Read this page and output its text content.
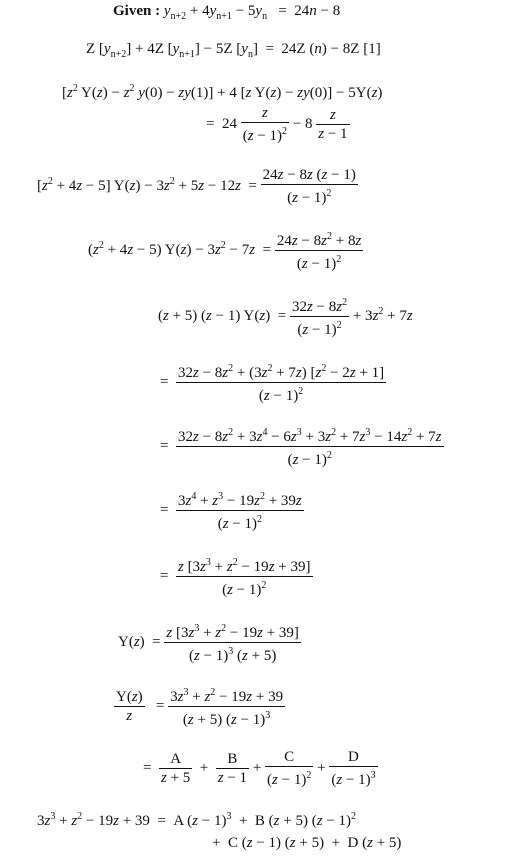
Given : $y_{n+2} + 4y_{n+1} - 5y_n = 24n - 8$
Z $[y_{n+2}] + 4Z$ $[y_{n+1}] - 5Z$ $[y_n] = 24Z$ (n) − 8Z [1]
[$z^2$ $Y(z) - z^2$ y(0) − zy(1)] + 4 [z Y(z) − zy(0)] − 5Y(z)
=  $24 \frac{z}{(z - 1)^2} - 8 \frac{z}{z - 1}$
$[z^2 + 4z - 5] Y(z) - 3z^2 + 5z - 12z = \frac{24z - 8z (z - 1)}{(z - 1)^2}$
$(z^2 + 4z - 5) Y(z) - 3z^2 - 7z = \frac{24z - 8z^2 + 8z}{(z - 1)^2}$
(z + 5) (z − 1) $Y(z) = \frac{32z - 8z^2}{(z - 1)^2} + 3z^2 + 7z$
= $\frac{32z - 8z^2 + (3z^2 + 7z) [z^2 - 2z + 1]}{(z - 1)^2}$
= $\frac{32z - 8z^2 + 3z^4 - 6z^3 + 3z^2 + 7z^3 - 14z^2 + 7z}{(z - 1)^2}$
= $\frac{3z^4 + z^3 - 19z^2 + 39z}{(z - 1)^2}$
= $\frac{z [3z^3 + z^2 - 19z + 39]}{(z - 1)^2}$
$Y(z) = \frac{z [3z^3 + z^2 - 19z + 39]}{(z - 1)^3 (z + 5)}$
$\frac{Y(z)}{z} = \frac{3z^3 + z^2 - 19z + 39}{(z + 5) (z - 1)^3}$
= $\frac{A}{z + 5} + \frac{B}{z - 1} + \frac{C}{(z - 1)^2} + \frac{D}{(z - 1)^3}$
$3z^3 + z^2 - 19z + 39 = A$ $(z - 1)^3 + B$ (z + 5) $(z - 1)^2$
+  C (z − 1) (z + 5)  +  D (z + 5)
